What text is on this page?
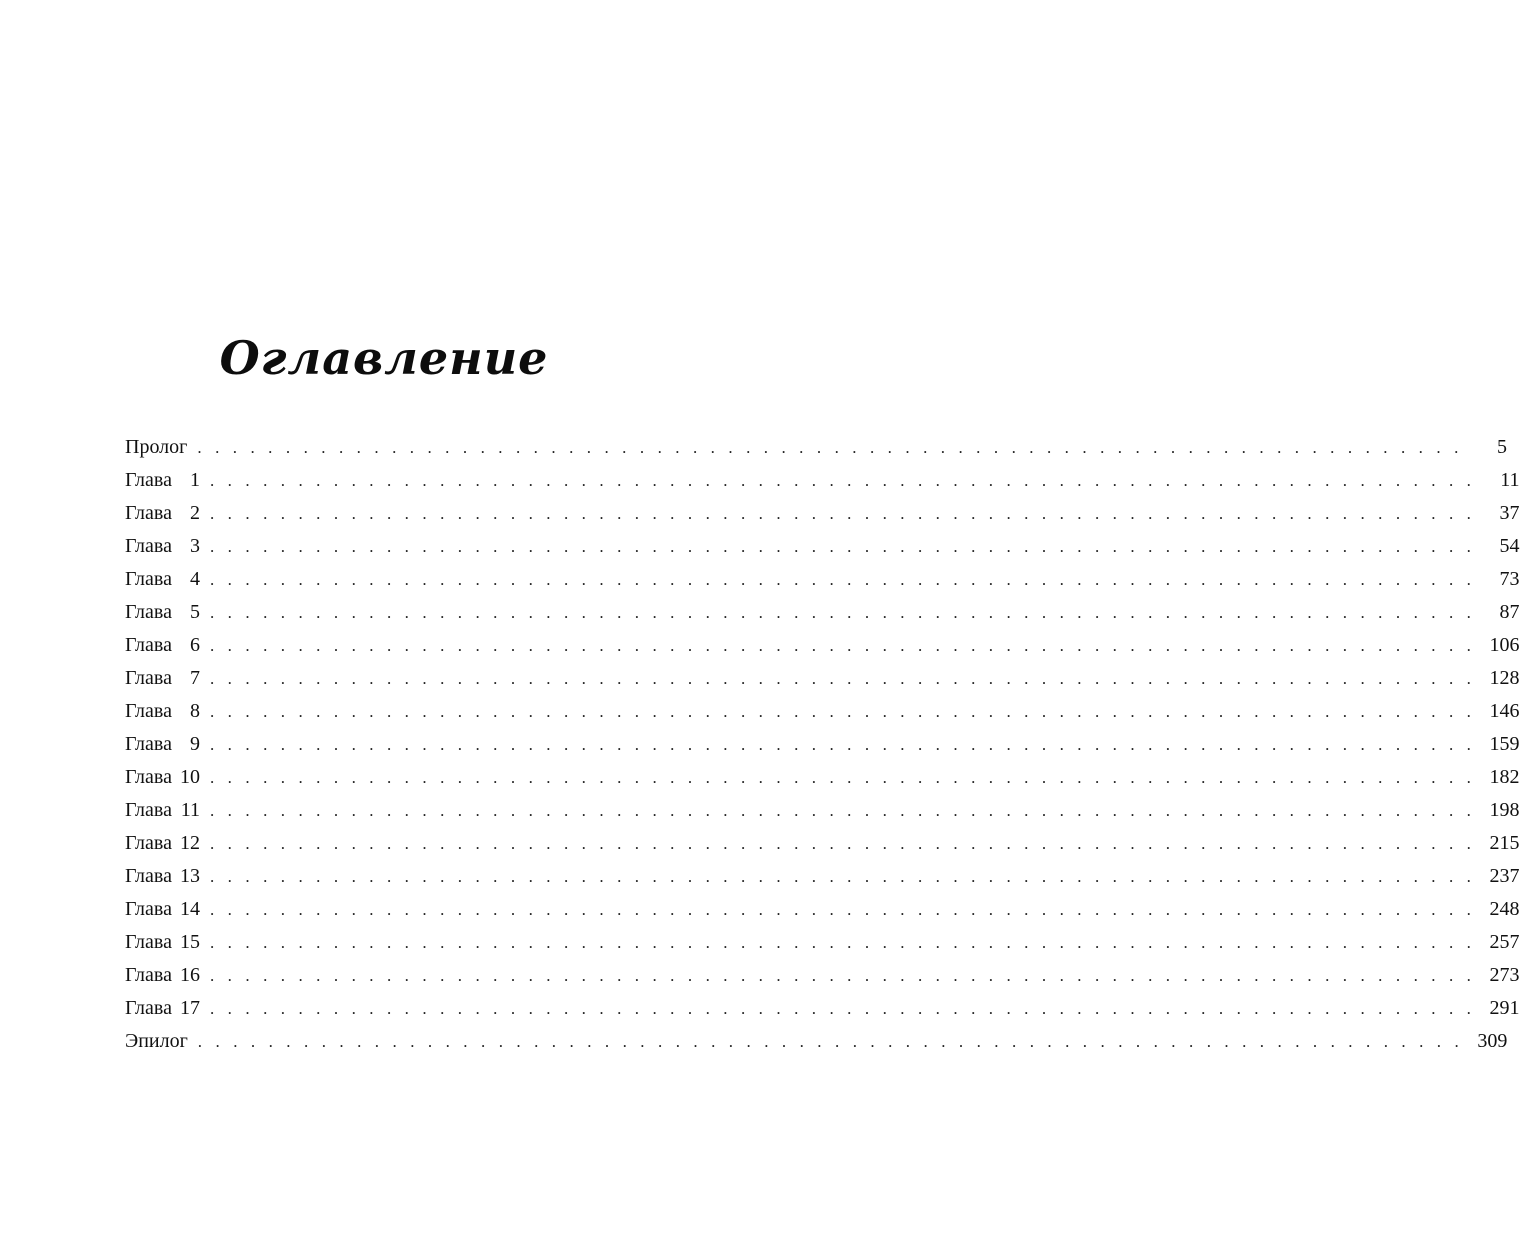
Оглавление
Пролог . . . . . . . . . . . . . . . . . . . . . . . . . . . . . . . . . . . . . . . . . . . . . . . . . . . . . . . . . . . . . . . . . . . . . . . .	5
Глава 1 . . . . . . . . . . . . . . . . . . . . . . . . . . . . . . . . . . . . . . . . . . . . . . . . . . . . . . . . . . . . . . . . . . . . . . . .	11
Глава 2 . . . . . . . . . . . . . . . . . . . . . . . . . . . . . . . . . . . . . . . . . . . . . . . . . . . . . . . . . . . . . . . . . . . . . . . .	37
Глава 3 . . . . . . . . . . . . . . . . . . . . . . . . . . . . . . . . . . . . . . . . . . . . . . . . . . . . . . . . . . . . . . . . . . . . . . . .	54
Глава 4 . . . . . . . . . . . . . . . . . . . . . . . . . . . . . . . . . . . . . . . . . . . . . . . . . . . . . . . . . . . . . . . . . . . . . . . .	73
Глава 5 . . . . . . . . . . . . . . . . . . . . . . . . . . . . . . . . . . . . . . . . . . . . . . . . . . . . . . . . . . . . . . . . . . . . . . . .	87
Глава 6 . . . . . . . . . . . . . . . . . . . . . . . . . . . . . . . . . . . . . . . . . . . . . . . . . . . . . . . . . . . . . . . . . . . . . . . . 106
Глава 7 . . . . . . . . . . . . . . . . . . . . . . . . . . . . . . . . . . . . . . . . . . . . . . . . . . . . . . . . . . . . . . . . . . . . . . . . 128
Глава 8 . . . . . . . . . . . . . . . . . . . . . . . . . . . . . . . . . . . . . . . . . . . . . . . . . . . . . . . . . . . . . . . . . . . . . . . . 146
Глава 9 . . . . . . . . . . . . . . . . . . . . . . . . . . . . . . . . . . . . . . . . . . . . . . . . . . . . . . . . . . . . . . . . . . . . . . . . 159
Глава 10 . . . . . . . . . . . . . . . . . . . . . . . . . . . . . . . . . . . . . . . . . . . . . . . . . . . . . . . . . . . . . . . . . . . . . . . . 182
Глава 11 . . . . . . . . . . . . . . . . . . . . . . . . . . . . . . . . . . . . . . . . . . . . . . . . . . . . . . . . . . . . . . . . . . . . . . . . 198
Глава 12 . . . . . . . . . . . . . . . . . . . . . . . . . . . . . . . . . . . . . . . . . . . . . . . . . . . . . . . . . . . . . . . . . . . . . . . . 215
Глава 13 . . . . . . . . . . . . . . . . . . . . . . . . . . . . . . . . . . . . . . . . . . . . . . . . . . . . . . . . . . . . . . . . . . . . . . . . 237
Глава 14 . . . . . . . . . . . . . . . . . . . . . . . . . . . . . . . . . . . . . . . . . . . . . . . . . . . . . . . . . . . . . . . . . . . . . . . . 248
Глава 15 . . . . . . . . . . . . . . . . . . . . . . . . . . . . . . . . . . . . . . . . . . . . . . . . . . . . . . . . . . . . . . . . . . . . . . . . 257
Глава 16 . . . . . . . . . . . . . . . . . . . . . . . . . . . . . . . . . . . . . . . . . . . . . . . . . . . . . . . . . . . . . . . . . . . . . . . . 273
Глава 17 . . . . . . . . . . . . . . . . . . . . . . . . . . . . . . . . . . . . . . . . . . . . . . . . . . . . . . . . . . . . . . . . . . . . . . . . 291
Эпилог . . . . . . . . . . . . . . . . . . . . . . . . . . . . . . . . . . . . . . . . . . . . . . . . . . . . . . . . . . . . . . . . . . . . . . . . 309
